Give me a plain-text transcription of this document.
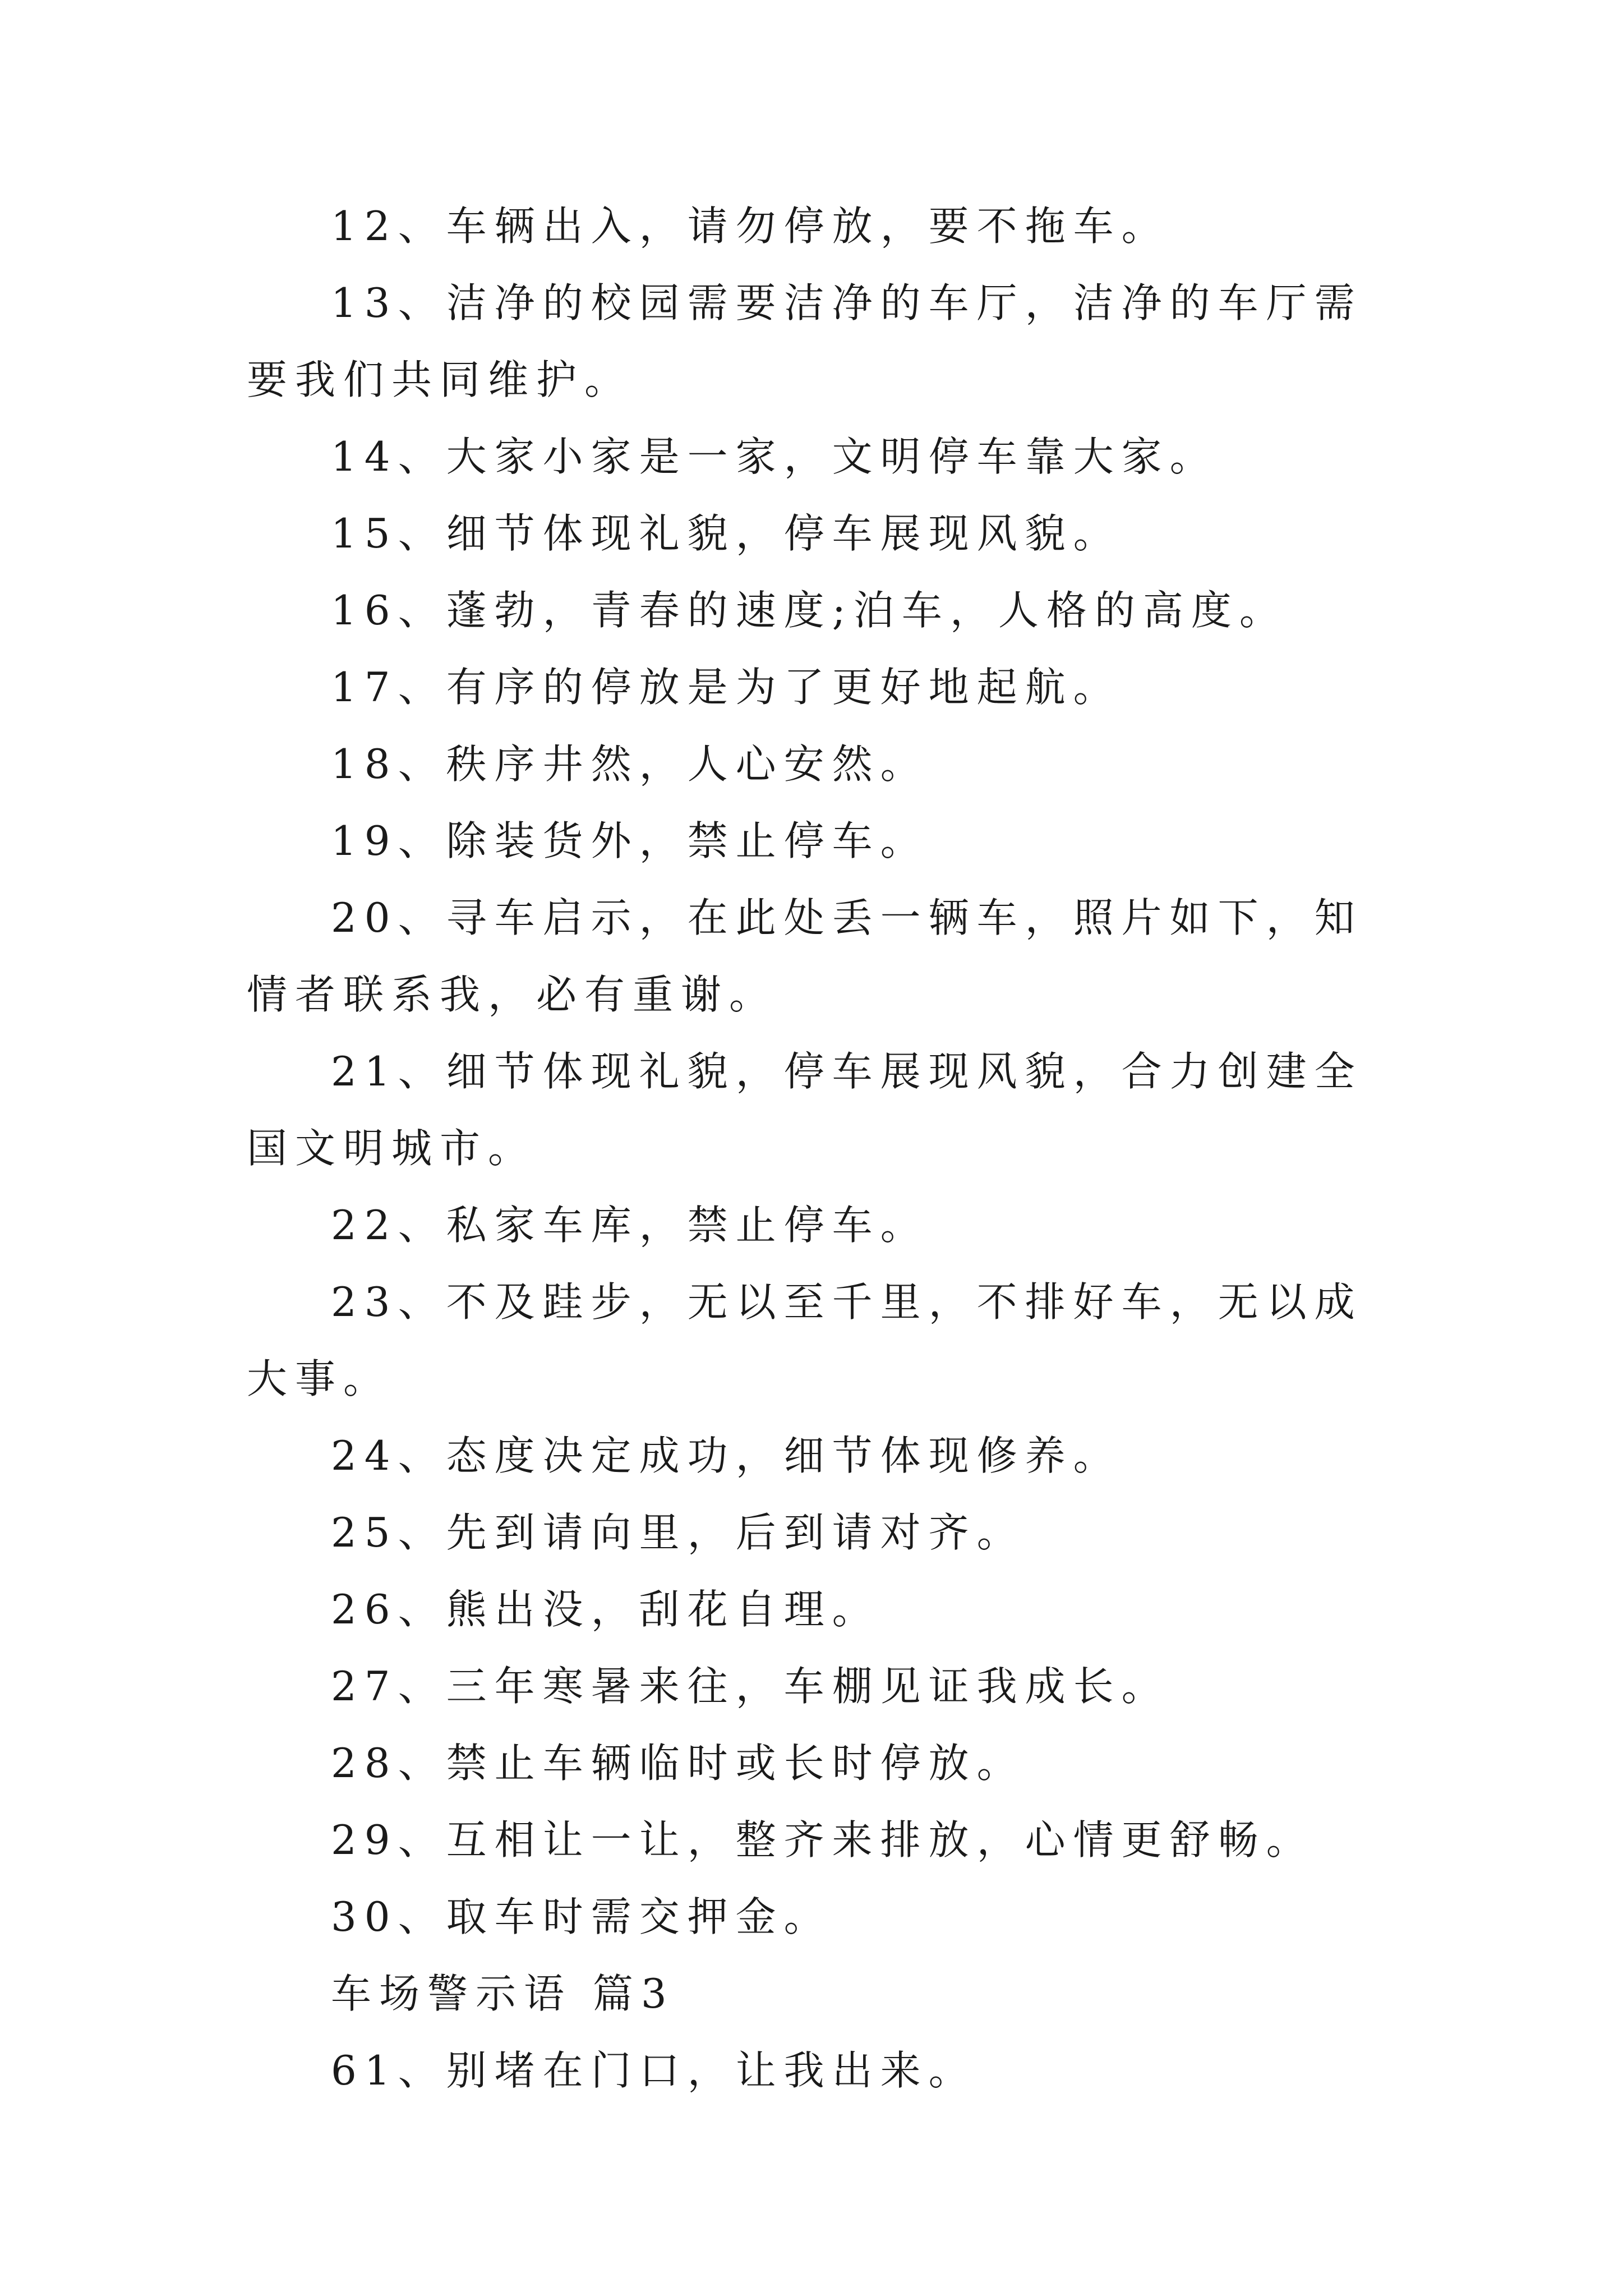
12、车辆出入，请勿停放，要不拖车。

13、洁净的校园需要洁净的车厅，洁净的车厅需要我们共同维护。

14、大家小家是一家，文明停车靠大家。

15、细节体现礼貌，停车展现风貌。

16、蓬勃，青春的速度;泊车，人格的高度。

17、有序的停放是为了更好地起航。

18、秩序井然，人心安然。

19、除装货外，禁止停车。

20、寻车启示，在此处丢一辆车，照片如下，知情者联系我，必有重谢。

21、细节体现礼貌，停车展现风貌，合力创建全国文明城市。

22、私家车库，禁止停车。

23、不及跬步，无以至千里，不排好车，无以成大事。

24、态度决定成功，细节体现修养。

25、先到请向里，后到请对齐。

26、熊出没，刮花自理。

27、三年寒暑来往，车棚见证我成长。

28、禁止车辆临时或长时停放。

29、互相让一让，整齐来排放，心情更舒畅。

30、取车时需交押金。

车场警示语 篇3

61、别堵在门口，让我出来。
